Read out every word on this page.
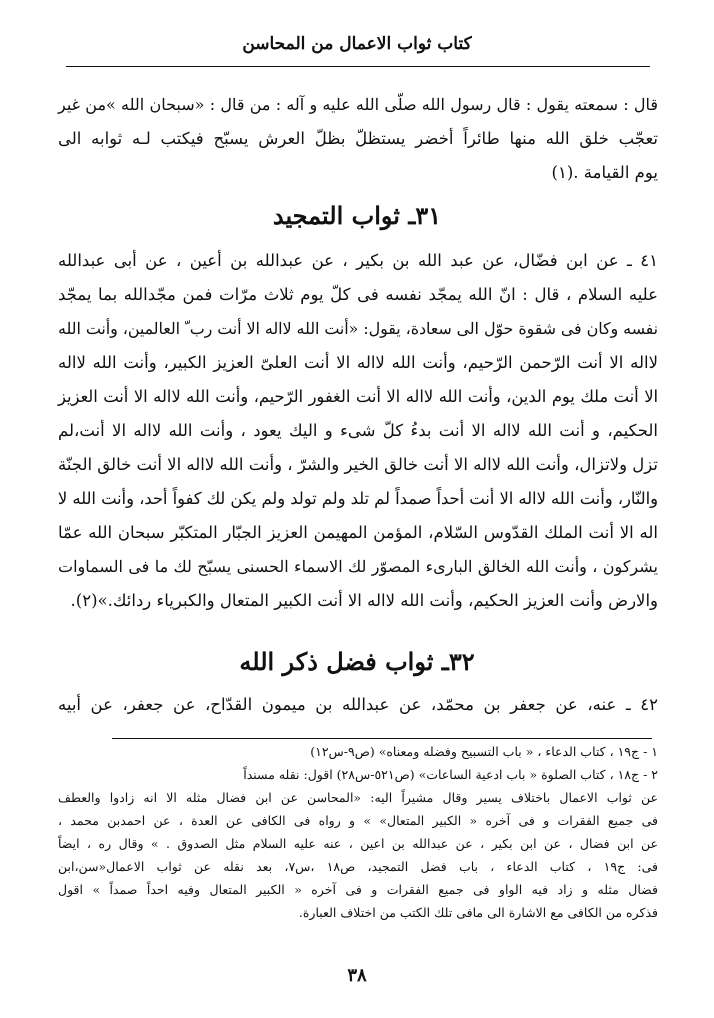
كتاب ثواب الاعمال من المحاسن
قال : سمعته يقول : قال رسول الله صلّى الله عليه و آله : من قال : «سبحان الله »من غير
تعجّب خلق الله منها طائراً أخضر يستظلّ بظلّ العرش يسبّح فيكتب لـه ثوابه الى
يوم القيامة .(١)
٣١ـ ثواب التمجيد
٤١ ـ عن ابن فضّال، عن عبد الله بن بكير ، عن عبدالله بن أعين ، عن أبى عبدالله
عليه السلام ، قال : انّ الله يمجّد نفسه فى كلّ يوم ثلاث مرّات فمن مجّدالله بما يمجّد
نفسه وكان فى شقوة حوّل الى سعادة، يقول: «أنت الله لااله الا أنت رب ّ العالمين، وأنت الله
لااله الا أنت الرّحمن الرّحيم، وأنت الله لااله الا أنت العلىّ العزيز الكبير، وأنت الله لااله
الا أنت ملك يوم الدين، وأنت الله لااله الا أنت الغفور الرّحيم، وأنت الله لااله الا أنت العزيز
الحكيم، و أنت الله لااله الا أنت بدءُ كلّ شىء و اليك يعود ، وأنت الله لااله الا أنت،لم
تزل ولاتزال، وأنت الله لااله الا أنت خالق الخير والشرّ ، وأنت الله لااله الا أنت خالق الجنّة
والنّار، وأنت الله لااله الا أنت أحداً صمداً لم تلد ولم تولد ولم يكن لك كفواً أحد، وأنت الله لا
اله الا أنت الملك القدّوس السّلام، المؤمن المهيمن العزيز الجبّار المتكبّر سبحان الله عمّا
يشركون ، وأنت الله الخالق البارىء المصوّر لك الاسماء الحسنى يسبّح لك ما فى السماوات
والارض وأنت العزيز الحكيم، وأنت الله لااله الا أنت الكبير المتعال والكبرياء ردائك.»(٢).
٣٢ـ ثواب فضل ذكر الله
٤٢ ـ عنه، عن جعفر بن محمّد، عن عبدالله بن ميمون القدّاح، عن جعفر، عن أبيه
١ - ج١٩ ، كتاب الدعاء ، « باب التسبيح وفضله ومعناه» (ص٩-س١٢)
٢ - ج١٨ ، كتاب الصلوة « باب ادعية الساعات» (ص٥٢١-س٢٨) اقول: نقله مسنداً
عن ثواب الاعمال باختلاف يسير وقال مشيراً اليه: «المحاسن عن ابن فضال مثله الا انه زادوا والعطف
فى جميع الفقرات و فى آخره « الكبير المتعال» » و رواه فى الكافى عن العدة ، عن احمدبن محمد ،
عن ابن فضال ، عن ابن بكير ، عن عبدالله بن اعين ، عنه عليه السلام مثل الصدوق . » وقال ره ، ايضاً
فى: ج١٩ ، كتاب الدعاء ، باب فضل التمجيد، ص١٨ ،س٧، بعد نقله عن ثواب الاعمال«سن،ابن
فضال مثله و زاد فيه الواو فى جميع الفقرات و فى آخره « الكبير المتعال وفيه احداً صمداً » اقول
فذكره من الكافى مع الاشارة الى مافى تلك الكتب من اختلاف العبارة.
٣٨
